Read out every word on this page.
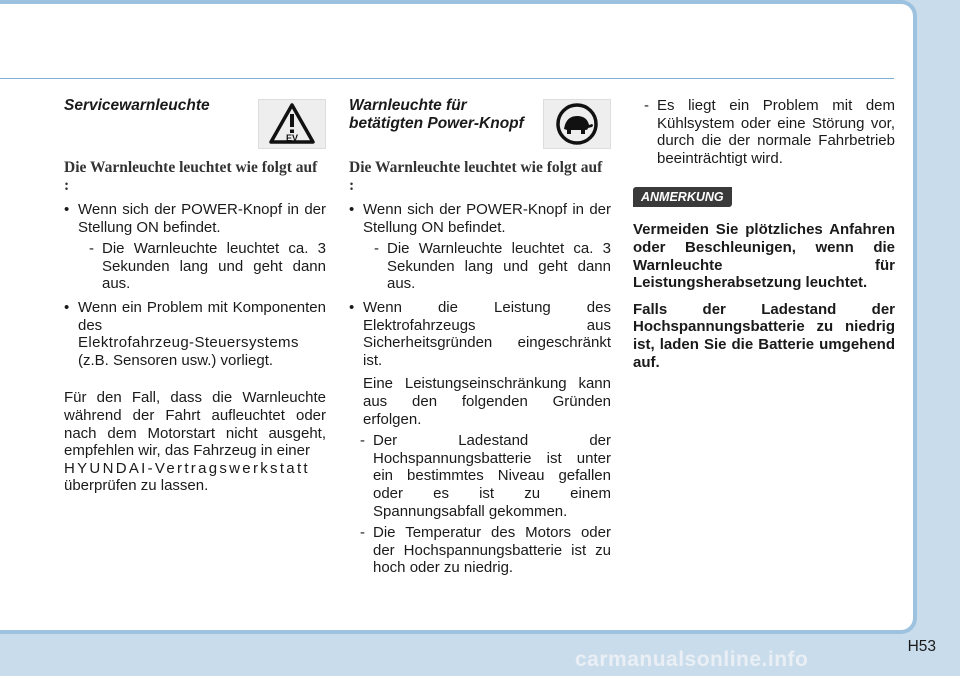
Servicewarnleuchte
EV

Die Warnleuchte leuchtet wie folgt auf :

• Wenn sich der POWER-Knopf in der Stellung ON befindet.
- Die Warnleuchte leuchtet ca. 3 Sekunden lang und geht dann aus.
• Wenn ein Problem mit Komponenten des
Elektrofahrzeug-Steuersystems
(z.B. Sensoren usw.) vorliegt.

Für den Fall, dass die Warnleuchte während der Fahrt aufleuchtet oder nach dem Motorstart nicht ausgeht, empfehlen wir, das Fahrzeug in einer
HYUNDAI-Vertragswerkstatt
überprüfen zu lassen.

Warnleuchte für
betätigten Power-Knopf

Die Warnleuchte leuchtet wie folgt auf :

• Wenn sich der POWER-Knopf in der Stellung ON befindet.
- Die Warnleuchte leuchtet ca. 3 Sekunden lang und geht dann aus.
• Wenn die Leistung des Elektrofahrzeugs aus Sicherheitsgründen eingeschränkt ist.

Eine Leistungseinschränkung kann aus den folgenden Gründen erfolgen.

- Der Ladestand der Hochspannungsbatterie ist unter ein bestimmtes Niveau gefallen oder es ist zu einem Spannungsabfall gekommen.
- Die Temperatur des Motors oder der Hochspannungsbatterie ist zu hoch oder zu niedrig.
- Es liegt ein Problem mit dem Kühlsystem oder eine Störung vor, durch die der normale Fahrbetrieb beeinträchtigt wird.
ANMERKUNG

Vermeiden Sie plötzliches Anfahren oder Beschleunigen, wenn die Warnleuchte für Leistungsherabsetzung leuchtet.

Falls der Ladestand der Hochspannungsbatterie zu niedrig ist, laden Sie die Batterie umgehend auf.

H53
carmanualsonline.info
